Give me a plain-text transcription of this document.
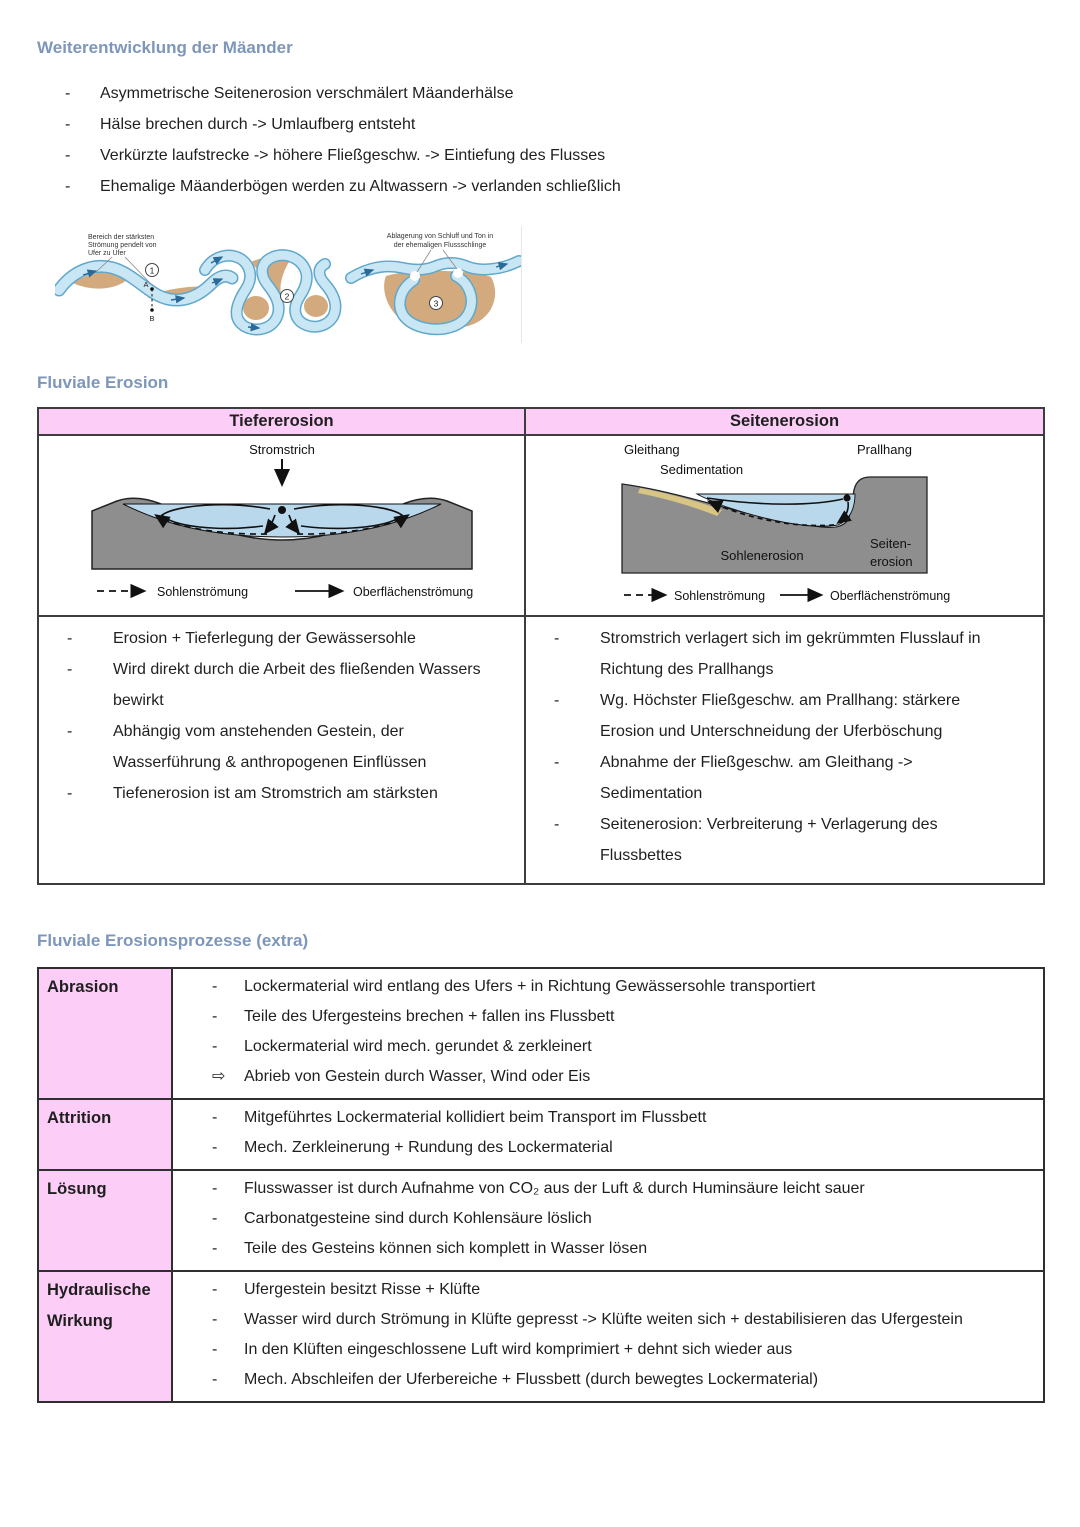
Weiterentwicklung der Mäander
-	Asymmetrische Seitenerosion verschmälert Mäanderhälse
-	Hälse brechen durch -> Umlaufberg entsteht
-	Verkürzte laufstrecke -> höhere Fließgeschw. -> Eintiefung des Flusses
-	Ehemalige Mäanderbögen werden zu Altwassern -> verlanden schließlich
Bereich der stärksten
Strömung pendelt von
Ufer zu Ufer
1
A
B
2
Ablagerung von Schluff und Ton in
der ehemaligen Flussschlinge
3
Fluviale Erosion
Tiefererosion	Seitenerosion

Stromstrich
Sohlenströmung	Oberflächenströmung

Gleithang	Prallhang
Sedimentation
Sohlenerosion
Seiten-
erosion
Sohlenströmung	Oberflächenströmung

-	Erosion + Tieferlegung der Gewässersohle
-	Wird direkt durch die Arbeit des fließenden Wassers bewirkt
-	Abhängig vom anstehenden Gestein, der Wasserführung & anthropogenen Einflüssen
-	Tiefenerosion ist am Stromstrich am stärksten

-	Stromstrich verlagert sich im gekrümmten Flusslauf in Richtung des Prallhangs
-	Wg. Höchster Fließgeschw. am Prallhang: stärkere Erosion und Unterschneidung der Uferböschung
-	Abnahme der Fließgeschw. am Gleithang -> Sedimentation
-	Seitenerosion: Verbreiterung + Verlagerung des Flussbettes
Fluviale Erosionsprozesse (extra)
Abrasion	-	Lockermaterial wird entlang des Ufers + in Richtung Gewässersohle transportiert
-	Teile des Ufergesteins brechen + fallen ins Flussbett
-	Lockermaterial wird mech. gerundet & zerkleinert
⇨	Abrieb von Gestein durch Wasser, Wind oder Eis

Attrition	- Mitgeführtes Lockermaterial kollidiert beim Transport im Flussbett
- Mech. Zerkleinerung + Rundung des Lockermaterial

Lösung	-	Flusswasser ist durch Aufnahme von CO₂ aus der Luft & durch Huminsäure leicht sauer
-	Carbonatgesteine sind durch Kohlensäure löslich
-	Teile des Gesteins können sich komplett in Wasser lösen

Hydraulische Wirkung	
-	Ufergestein besitzt Risse + Klüfte
-	Wasser wird durch Strömung in Klüfte gepresst -> Klüfte weiten sich + destabilisieren das Ufergestein
-	In den Klüften eingeschlossene Luft wird komprimiert + dehnt sich wieder aus
-	Mech. Abschleifen der Uferbereiche + Flussbett (durch bewegtes Lockermaterial)
